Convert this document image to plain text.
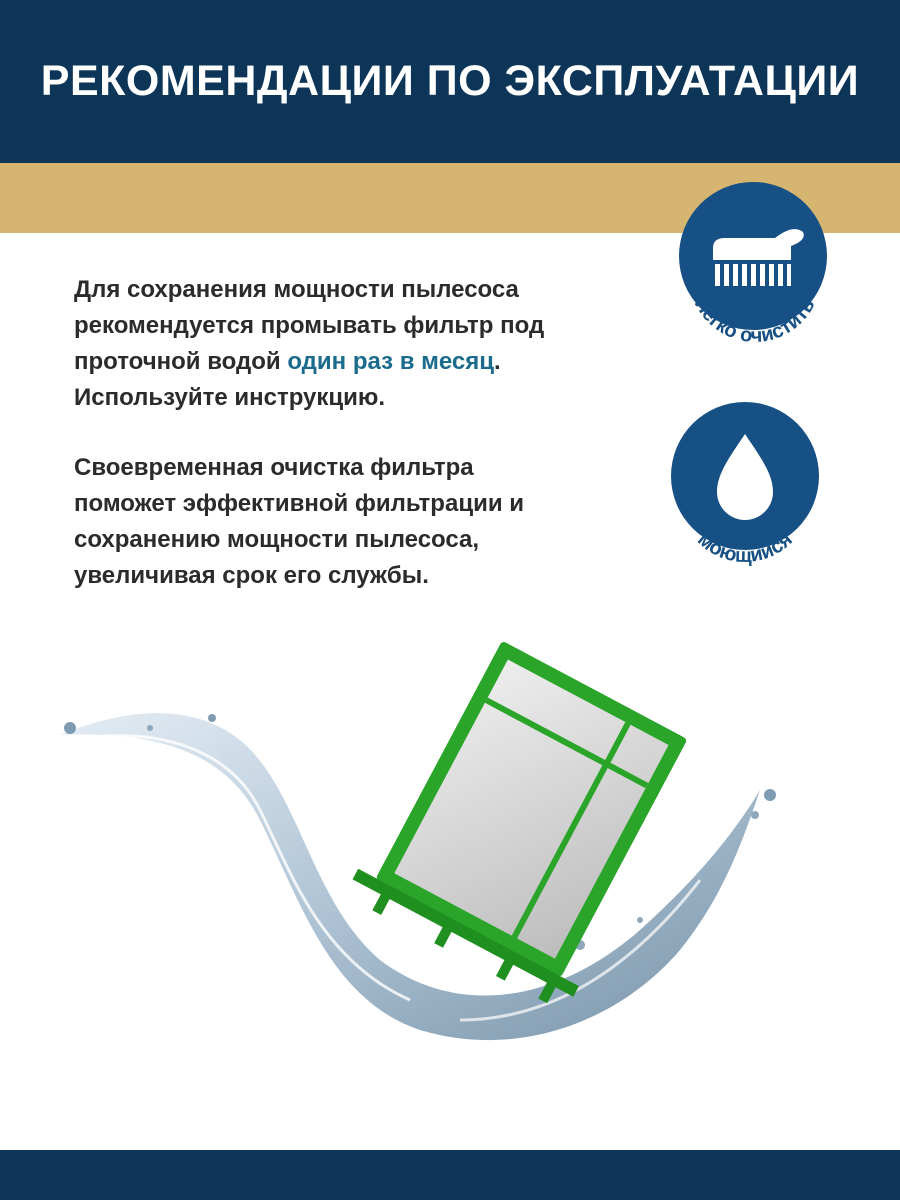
РЕКОМЕНДАЦИИ ПО ЭКСПЛУАТАЦИИ

Для сохранения мощности пылесоса рекомендуется промывать фильтр под проточной водой один раз в месяц. Используйте инструкцию.

Своевременная очистка фильтра поможет эффективной фильтрации и сохранению мощности пылесоса, увеличивая срок его службы.

легко очистить
моющийся
